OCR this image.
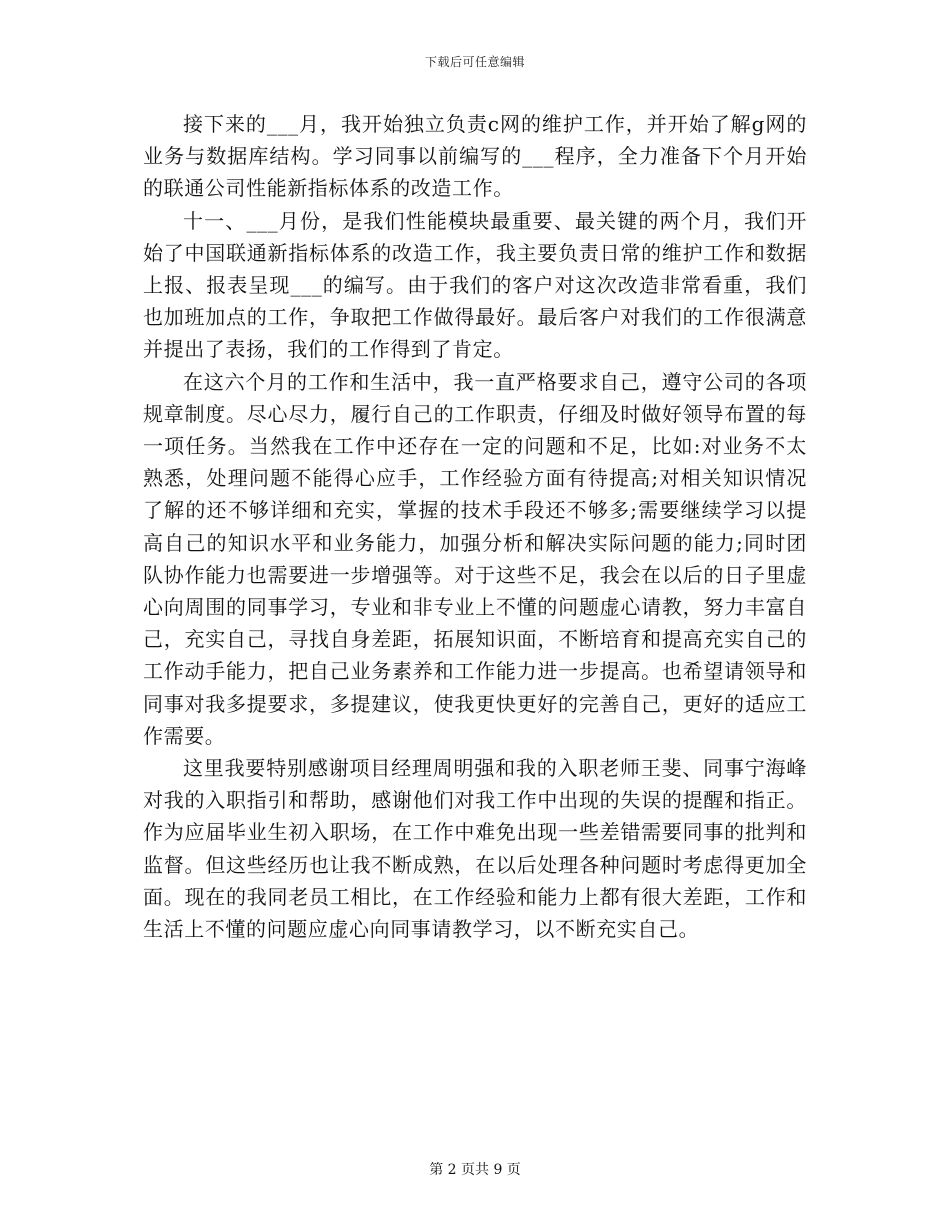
下载后可任意编辑

接下来的___月，我开始独立负责c网的维护工作，并开始了解g网的业务与数据库结构。学习同事以前编写的___程序，全力准备下个月开始的联通公司性能新指标体系的改造工作。

十一、___月份，是我们性能模块最重要、最关键的两个月，我们开始了中国联通新指标体系的改造工作，我主要负责日常的维护工作和数据上报、报表呈现___的编写。由于我们的客户对这次改造非常看重，我们也加班加点的工作，争取把工作做得最好。最后客户对我们的工作很满意并提出了表扬，我们的工作得到了肯定。

在这六个月的工作和生活中，我一直严格要求自己，遵守公司的各项规章制度。尽心尽力，履行自己的工作职责，仔细及时做好领导布置的每一项任务。当然我在工作中还存在一定的问题和不足，比如:对业务不太熟悉，处理问题不能得心应手，工作经验方面有待提高;对相关知识情况了解的还不够详细和充实，掌握的技术手段还不够多;需要继续学习以提高自己的知识水平和业务能力，加强分析和解决实际问题的能力;同时团队协作能力也需要进一步增强等。对于这些不足，我会在以后的日子里虚心向周围的同事学习，专业和非专业上不懂的问题虚心请教，努力丰富自己，充实自己，寻找自身差距，拓展知识面，不断培育和提高充实自己的工作动手能力，把自己业务素养和工作能力进一步提高。也希望请领导和同事对我多提要求，多提建议，使我更快更好的完善自己，更好的适应工作需要。

这里我要特别感谢项目经理周明强和我的入职老师王斐、同事宁海峰对我的入职指引和帮助，感谢他们对我工作中出现的失误的提醒和指正。作为应届毕业生初入职场，在工作中难免出现一些差错需要同事的批判和监督。但这些经历也让我不断成熟，在以后处理各种问题时考虑得更加全面。现在的我同老员工相比，在工作经验和能力上都有很大差距，工作和生活上不懂的问题应虚心向同事请教学习，以不断充实自己。

第 2 页共 9 页
